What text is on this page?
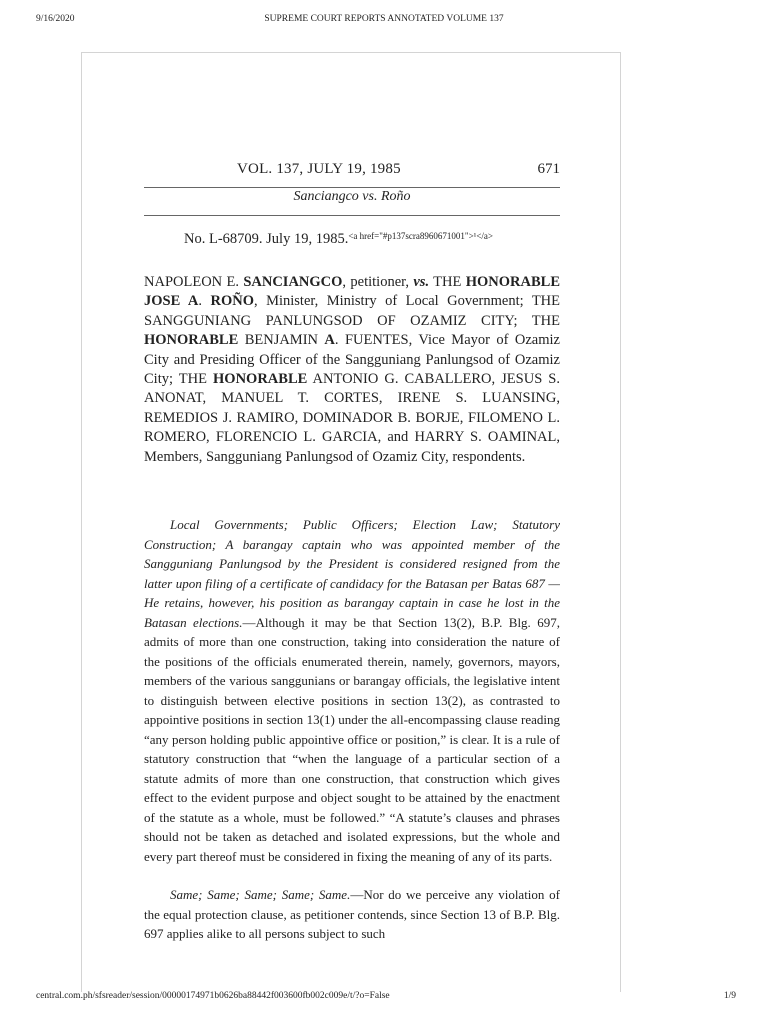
9/16/2020	SUPREME COURT REPORTS ANNOTATED VOLUME 137
VOL. 137, JULY 19, 1985	671
Sanciangco vs. Roño
No. L-68709. July 19, 1985.$^{<a href="\#p137scra8960671001">^1</a>}$
NAPOLEON E. SANCIANGCO, petitioner, vs. THE HONORABLE JOSE A. ROÑO, Minister, Ministry of Local Government; THE SANGGUNIANG PANLUNGSOD OF OZAMIZ CITY; THE HONORABLE BENJAMIN A. FUENTES, Vice Mayor of Ozamiz City and Presiding Officer of the Sangguniang Panlungsod of Ozamiz City; THE HONORABLE ANTONIO G. CABALLERO, JESUS S. ANONAT, MANUEL T. CORTES, IRENE S. LUANSING, REMEDIOS J. RAMIRO, DOMINADOR B. BORJE, FILOMENO L. ROMERO, FLORENCIO L. GARCIA, and HARRY S. OAMINAL, Members, Sangguniang Panlungsod of Ozamiz City, respondents.

Local Governments; Public Officers; Election Law; Statutory Construction; A barangay captain who was appointed member of the Sangguniang Panlungsod by the President is considered resigned from the latter upon filing of a certificate of candidacy for the Batasan per Batas 687 —He retains, however, his position as barangay captain in case he lost in the Batasan elections.—Although it may be that Section 13(2), B.P. Blg. 697, admits of more than one construction, taking into consideration the nature of the positions of the officials enumerated therein, namely, governors, mayors, members of the various sanggunians or barangay officials, the legislative intent to distinguish between elective positions in section 13(2), as contrasted to appointive positions in section 13(1) under the all-encompassing clause reading “any person holding public appointive office or position,” is clear. It is a rule of statutory construction that “when the language of a particular section of a statute admits of more than one construction, that construction which gives effect to the evident purpose and object sought to be attained by the enactment of the statute as a whole, must be followed.” “A statute’s clauses and phrases should not be taken as detached and isolated expressions, but the whole and every part thereof must be considered in fixing the meaning of any of its parts.

Same; Same; Same; Same; Same.—Nor do we perceive any violation of the equal protection clause, as petitioner contends, since Section 13 of B.P. Blg. 697 applies alike to all persons subject to such

central.com.ph/sfsreader/session/00000174971b0626ba88442f003600fb002c009e/t/?o=False	1/9
